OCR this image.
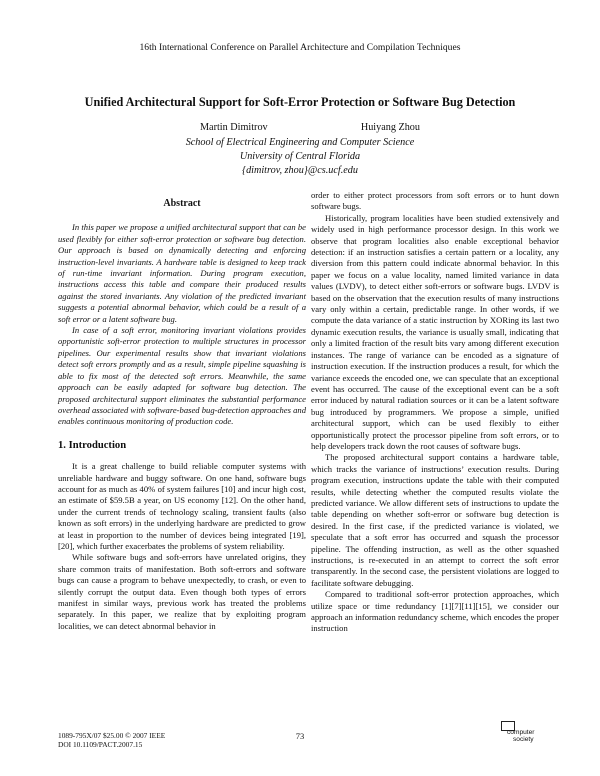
16th International Conference on Parallel Architecture and Compilation Techniques
Unified Architectural Support for Soft-Error Protection or Software Bug Detection
Martin Dimitrov	Huiyang Zhou
School of Electrical Engineering and Computer Science
University of Central Florida
{dimitrov, zhou}@cs.ucf.edu
Abstract

In this paper we propose a unified architectural support that can be used flexibly for either soft-error protection or software bug detection. Our approach is based on dynamically detecting and enforcing instruction-level invariants. A hardware table is designed to keep track of run-time invariant information. During program execution, instructions access this table and compare their produced results against the stored invariants. Any violation of the predicted invariant suggests a potential abnormal behavior, which could be a result of a soft error or a latent software bug.

In case of a soft error, monitoring invariant violations provides opportunistic soft-error protection to multiple structures in processor pipelines. Our experimental results show that invariant violations detect soft errors promptly and as a result, simple pipeline squashing is able to fix most of the detected soft errors. Meanwhile, the same approach can be easily adapted for software bug detection. The proposed architectural support eliminates the substantial performance overhead associated with software-based bug-detection approaches and enables continuous monitoring of production code.

1. Introduction

It is a great challenge to build reliable computer systems with unreliable hardware and buggy software. On one hand, software bugs account for as much as 40% of system failures [10] and incur high cost, an estimate of $59.5B a year, on US economy [12]. On the other hand, under the current trends of technology scaling, transient faults (also known as soft errors) in the underlying hardware are predicted to grow at least in proportion to the number of devices being integrated [19],[20], which further exacerbates the problems of system reliability.

While software bugs and soft-errors have unrelated origins, they share common traits of manifestation. Both soft-errors and software bugs can cause a program to behave unexpectedly, to crash, or even to silently corrupt the output data. Even though both types of errors manifest in similar ways, previous work has treated the problems separately. In this paper, we realize that by exploiting program localities, we can detect abnormal behavior in

order to either protect processors from soft errors or to hunt down software bugs.

Historically, program localities have been studied extensively and widely used in high performance processor design. In this work we observe that program localities also enable exceptional behavior detection: if an instruction satisfies a certain pattern or a locality, any diversion from this pattern could indicate abnormal behavior. In this paper we focus on a value locality, named limited variance in data values (LVDV), to detect either soft-errors or software bugs. LVDV is based on the observation that the execution results of many instructions vary only within a certain, predictable range. In other words, if we compute the data variance of a static instruction by XORing its last two dynamic execution results, the variance is usually small, indicating that only a limited fraction of the result bits vary among different execution instances. The range of variance can be encoded as a signature of instruction execution. If the instruction produces a result, for which the variance exceeds the encoded one, we can speculate that an exceptional event has occurred. The cause of the exceptional event can be a soft error induced by natural radiation sources or it can be a latent software bug introduced by programmers. We propose a simple, unified architectural support, which can be used flexibly to either opportunistically protect the processor pipeline from soft errors, or to help developers track down the root causes of software bugs.

The proposed architectural support contains a hardware table, which tracks the variance of instructions’ execution results. During program execution, instructions update the table with their computed results, while detecting whether the computed results violate the predicted variance. We allow different sets of instructions to update the table depending on whether soft-error or software bug detection is desired. In the first case, if the predicted variance is violated, we speculate that a soft error has occurred and squash the processor pipeline. The offending instruction, as well as the other squashed instructions, is re-executed in an attempt to correct the soft error transparently. In the second case, the persistent violations are logged to facilitate software debugging.

Compared to traditional soft-error protection approaches, which utilize space or time redundancy [1][7][11][15], we consider our approach an information redundancy scheme, which encodes the proper instruction

1089-795X/07 $25.00 © 2007 IEEE
DOI 10.1109/PACT.2007.15
73	computer
society
